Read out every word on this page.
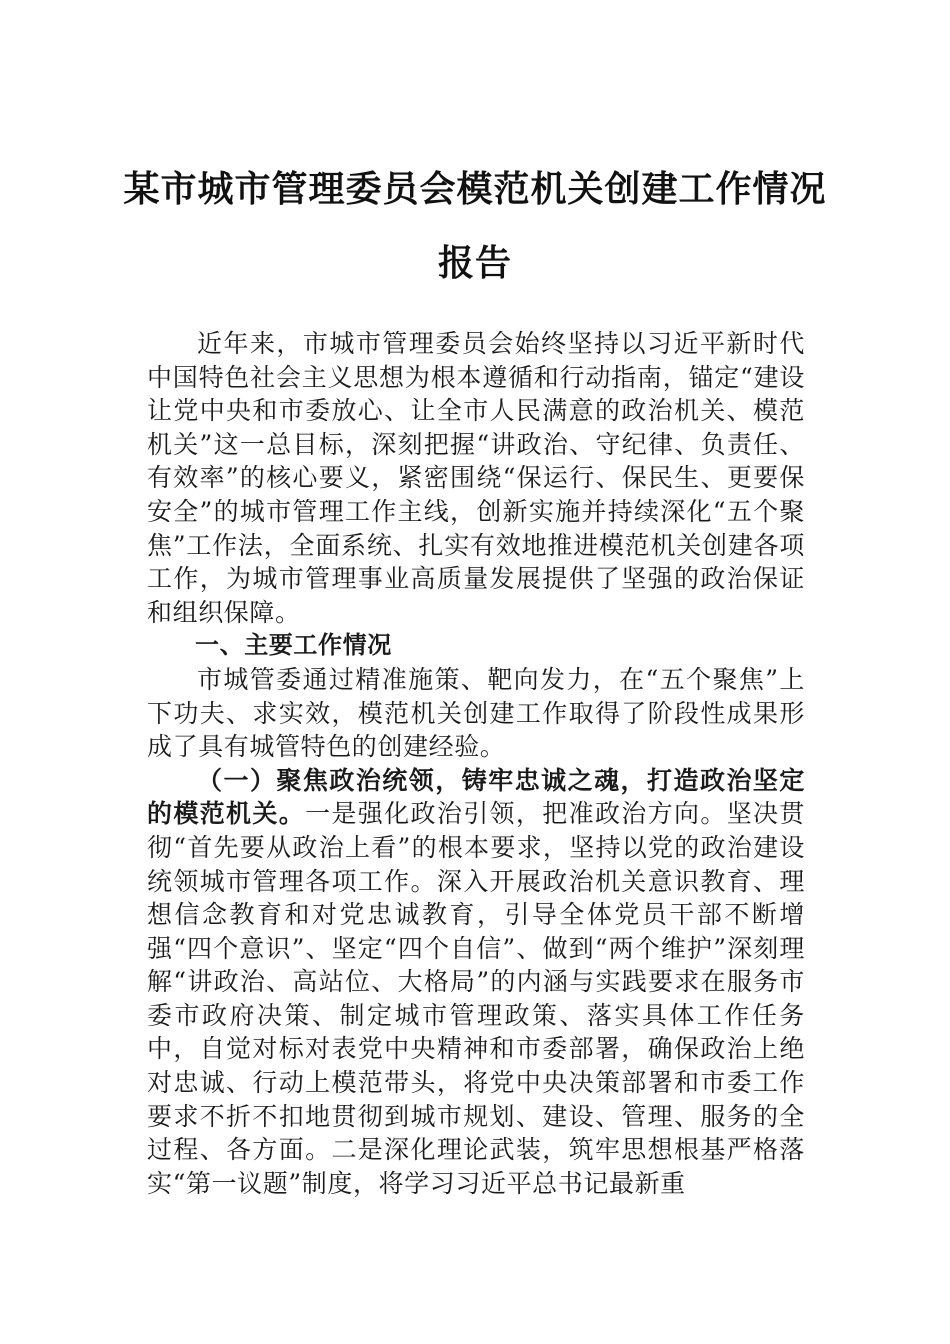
某市城市管理委员会模范机关创建工作情况报告

近年来，市城市管理委员会始终坚持以习近平新时代中国特色社会主义思想为根本遵循和行动指南，锚定“建设让党中央和市委放心、让全市人民满意的政治机关、模范机关”这一总目标，深刻把握“讲政治、守纪律、负责任、有效率”的核心要义，紧密围绕“保运行、保民生、更要保安全”的城市管理工作主线，创新实施并持续深化“五个聚焦”工作法，全面系统、扎实有效地推进模范机关创建各项工作，为城市管理事业高质量发展提供了坚强的政治保证和组织保障。

一、主要工作情况

市城管委通过精准施策、靶向发力，在“五个聚焦”上下功夫、求实效，模范机关创建工作取得了阶段性成果形成了具有城管特色的创建经验。

（一）聚焦政治统领，铸牢忠诚之魂，打造政治坚定的模范机关。一是强化政治引领，把准政治方向。坚决贯彻“首先要从政治上看”的根本要求，坚持以党的政治建设统领城市管理各项工作。深入开展政治机关意识教育、理想信念教育和对党忠诚教育，引导全体党员干部不断增强“四个意识”、坚定“四个自信”、做到“两个维护”深刻理解“讲政治、高站位、大格局”的内涵与实践要求在服务市委市政府决策、制定城市管理政策、落实具体工作任务中，自觉对标对表党中央精神和市委部署，确保政治上绝对忠诚、行动上模范带头，将党中央决策部署和市委工作要求不折不扣地贯彻到城市规划、建设、管理、服务的全过程、各方面。二是深化理论武装，筑牢思想根基严格落实“第一议题”制度，将学习习近平总书记最新重
